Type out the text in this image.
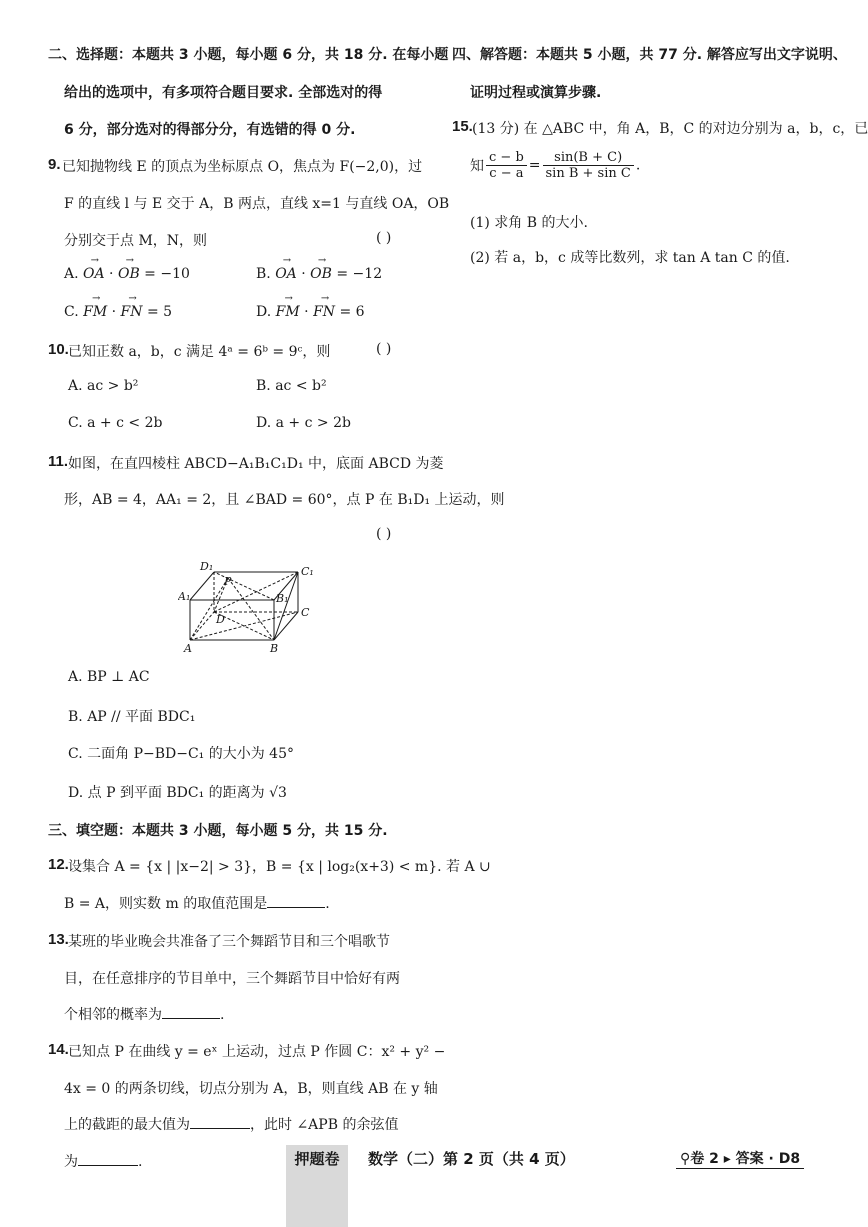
二、选择题：本题共 3 小题，每小题 6 分，共 18 分. 在每小题
给出的选项中，有多项符合题目要求. 全部选对的得
6 分，部分选对的得部分分，有选错的得 0 分.
9. 已知抛物线 E 的顶点为坐标原点 O，焦点为 F(−2,0)，过
F 的直线 l 与 E 交于 A，B 两点，直线 x=1 与直线 OA，OB
分别交于点 M，N，则	( )
A. → OA · → OB = −10	B. → OA · → OB = −12
C. → FM · → FN = 5	D. → FM · → FN = 6
10. 已知正数 a，b，c 满足 4ᵃ = 6ᵇ = 9ᶜ，则	( )
A. ac > b²	B. ac < b²
C. a + c < 2b	D. a + c > 2b
11. 如图，在直四棱柱 ABCD−A₁B₁C₁D₁ 中，底面 ABCD 为菱
形，AB = 4，AA₁ = 2，且 ∠BAD = 60°，点 P 在 B₁D₁ 上运动，则
( )
D₁	C₁
A₁	B₁
P
D
C
A	B
A. BP ⊥ AC
B. AP // 平面 BDC₁
C. 二面角 P−BD−C₁ 的大小为 45°
D. 点 P 到平面 BDC₁ 的距离为 √3
三、填空题：本题共 3 小题，每小题 5 分，共 15 分.
12. 设集合 A = {x | |x−2| > 3}，B = {x | log₂(x+3) < m}. 若 A ∪
B = A，则实数 m 的取值范围是	.
13. 某班的毕业晚会共准备了三个舞蹈节目和三个唱歌节
目，在任意排序的节目单中，三个舞蹈节目中恰好有两
个相邻的概率为	.
14. 已知点 P 在曲线 y = eˣ 上运动，过点 P 作圆 C：x² + y² −
4x = 0 的两条切线，切点分别为 A，B，则直线 AB 在 y 轴
上的截距的最大值为	，此时 ∠APB 的余弦值
为	.
四、解答题：本题共 5 小题，共 77 分. 解答应写出文字说明、
证明过程或演算步骤.
15. (13 分) 在 △ABC 中，角 A，B，C 的对边分别为 a，b，c，已
知 $\frac{c - b}{c - a} = \frac{\sin(B + C)}{\text{sin B + sin C}}$ .
(1) 求角 B 的大小.
(2) 若 a，b，c 成等比数列，求 tan A tan C 的值.
押题卷	数学（二）第 2 页（共 4 页）	⚲卷 2 ▸ 答案 · D8
